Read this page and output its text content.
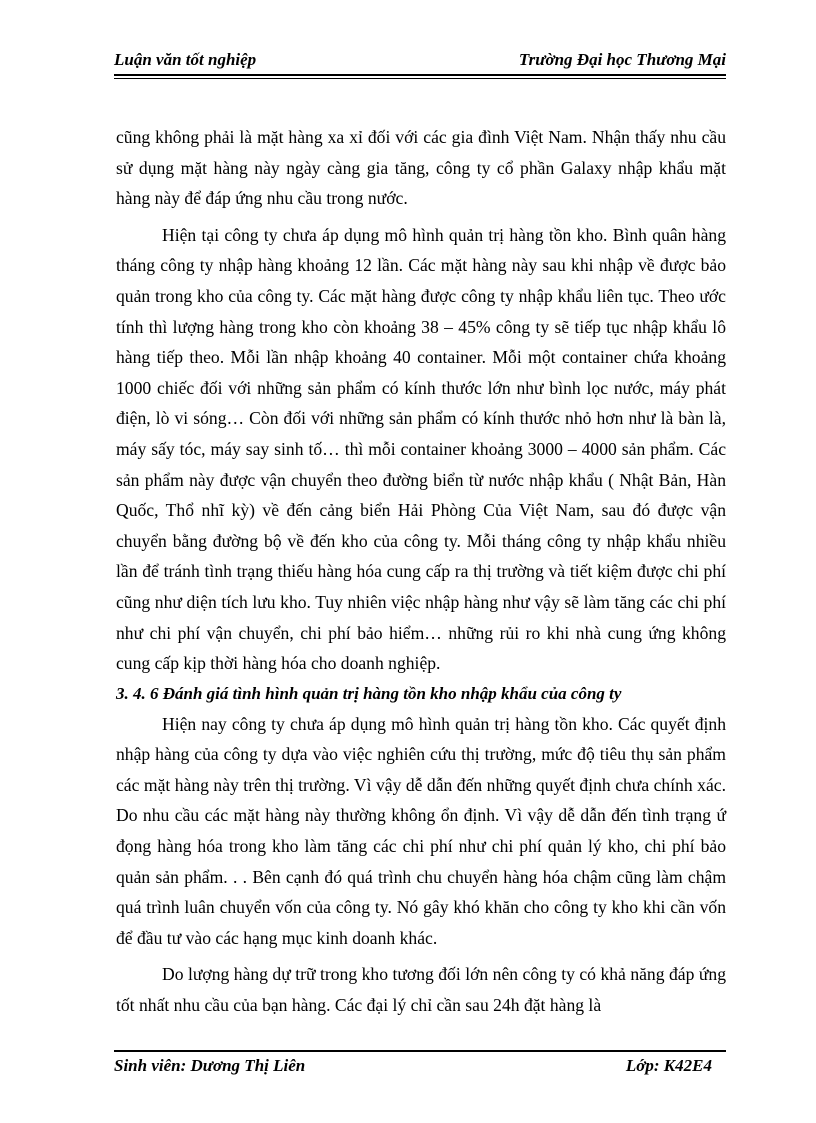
Luận văn tốt nghiệp	Trường Đại học Thương Mại

cũng không phải là mặt hàng xa xỉ đối với các gia đình Việt Nam. Nhận thấy nhu cầu sử dụng mặt hàng này ngày càng gia tăng, công ty cổ phần Galaxy nhập khẩu mặt hàng này để đáp ứng nhu cầu trong nước.

Hiện tại công ty chưa áp dụng mô hình quản trị hàng tồn kho. Bình quân hàng tháng công ty nhập hàng khoảng 12 lần. Các mặt hàng này sau khi nhập về được bảo quản trong kho của công ty. Các mặt hàng được công ty nhập khẩu liên tục. Theo ước tính thì lượng hàng trong kho còn khoảng 38 – 45% công ty sẽ tiếp tục nhập khẩu lô hàng tiếp theo. Mỗi lần nhập khoảng 40 container. Mỗi một container chứa khoảng 1000 chiếc đối với những sản phẩm có kính thước lớn như bình lọc nước, máy phát điện, lò vi sóng… Còn đối với những sản phẩm có kính thước nhỏ hơn như là bàn là, máy sấy tóc, máy say sinh tố… thì mỗi container khoảng 3000 – 4000 sản phẩm. Các sản phẩm này được vận chuyển theo đường biển từ nước nhập khẩu ( Nhật Bản, Hàn Quốc, Thổ nhĩ kỳ) về đến cảng biển Hải Phòng Của Việt Nam, sau đó được vận chuyển bằng đường bộ về đến kho của công ty. Mỗi tháng công ty nhập khẩu nhiều lần để tránh tình trạng thiếu hàng hóa cung cấp ra thị trường và tiết kiệm được chi phí cũng như diện tích lưu kho. Tuy nhiên việc nhập hàng như vậy sẽ làm tăng các chi phí như chi phí vận chuyển, chi phí bảo hiểm… những rủi ro khi nhà cung ứng không cung cấp kịp thời hàng hóa cho doanh nghiệp.

3. 4. 6 Đánh giá tình hình quản trị hàng tồn kho nhập khẩu của công ty

Hiện nay công ty chưa áp dụng mô hình quản trị hàng tồn kho. Các quyết định nhập hàng của công ty dựa vào việc nghiên cứu thị trường, mức độ tiêu thụ sản phẩm các mặt hàng này trên thị trường. Vì vậy dễ dẫn đến những quyết định chưa chính xác. Do nhu cầu các mặt hàng này thường không ổn định. Vì vậy dễ dẫn đến tình trạng ứ đọng hàng hóa trong kho làm tăng các chi phí như chi phí quản lý kho, chi phí bảo quản sản phẩm. . . Bên cạnh đó quá trình chu chuyển hàng hóa chậm cũng làm chậm quá trình luân chuyển vốn của công ty. Nó gây khó khăn cho công ty kho khi cần vốn để đầu tư vào các hạng mục kinh doanh khác.

Do lượng hàng dự trữ trong kho tương đối lớn nên công ty có khả năng đáp ứng tốt nhất nhu cầu của bạn hàng. Các đại lý chỉ cần sau 24h đặt hàng là

Sinh viên: Dương Thị Liên	Lớp: K42E4
